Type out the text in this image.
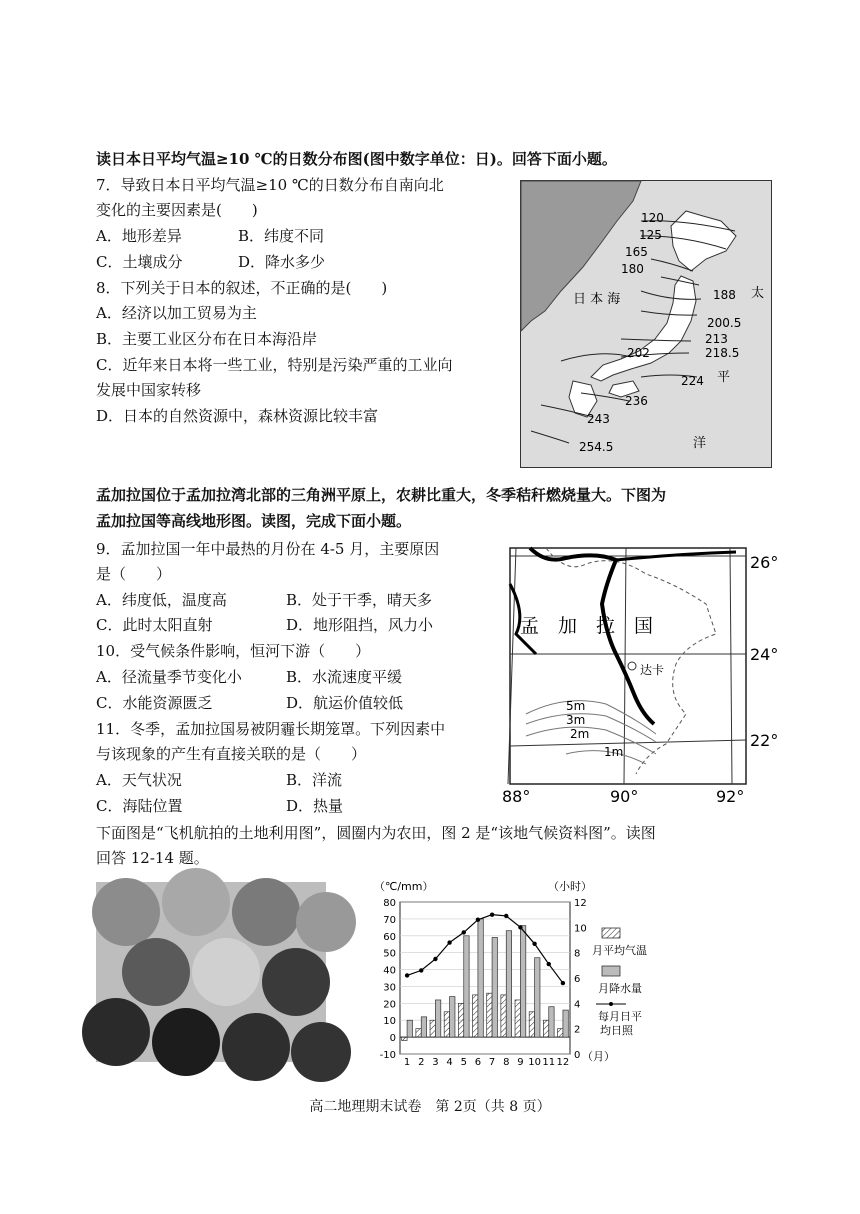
读日本日平均气温≥10 ℃的日数分布图(图中数字单位：日)。回答下面小题。
7．导致日本日平均气温≥10 ℃的日数分布自南向北
变化的主要因素是(　　)
A．地形差异	B．纬度不同
C．土壤成分	D．降水多少
8．下列关于日本的叙述，不正确的是(　　)
A．经济以加工贸易为主
B．主要工业区分布在日本海沿岸
C．近年来日本将一些工业，特别是污染严重的工业向
发展中国家转移
D．日本的自然资源中，森林资源比较丰富
120
125
165
180
188
200.5
213
218.5
202
224
236
243
254.5
日 本 海	太
平
洋
孟加拉国位于孟加拉湾北部的三角洲平原上，农耕比重大，冬季秸秆燃烧量大。下图为
孟加拉国等高线地形图。读图，完成下面小题。
9．孟加拉国一年中最热的月份在 4-5 月，主要原因
是（　　）
A．纬度低，温度高	B．处于干季，晴天多
C．此时太阳直射	D．地形阻挡，风力小
10．受气候条件影响，恒河下游（　　）
A．径流量季节变化小	B．水流速度平缓
C．水能资源匮乏	D．航运价值较低
11．冬季，孟加拉国易被阴霾长期笼罩。下列因素中
与该现象的产生有直接关联的是（　　）
A．天气状况	B．洋流
C．海陆位置	D．热量
孟　加　拉　国
达卡
5m
3m
2m
1m
26°
24°
22°
88°	90°	92°
下面图是“飞机航拍的土地利用图”，圆圈内为农田，图 2 是“该地气候资料图”。读图
回答 12-14 题。
（℃/mm）	（小时）
-10
0
10
20
30
40
50
60
70
80
0
2
4
6
8
10
12
1 2 3 4 5 6 7 8 9 10 11 12 （月）
月平均气温
月降水量
每月日平
均日照
高二地理期末试卷　第 2页（共 8 页）
